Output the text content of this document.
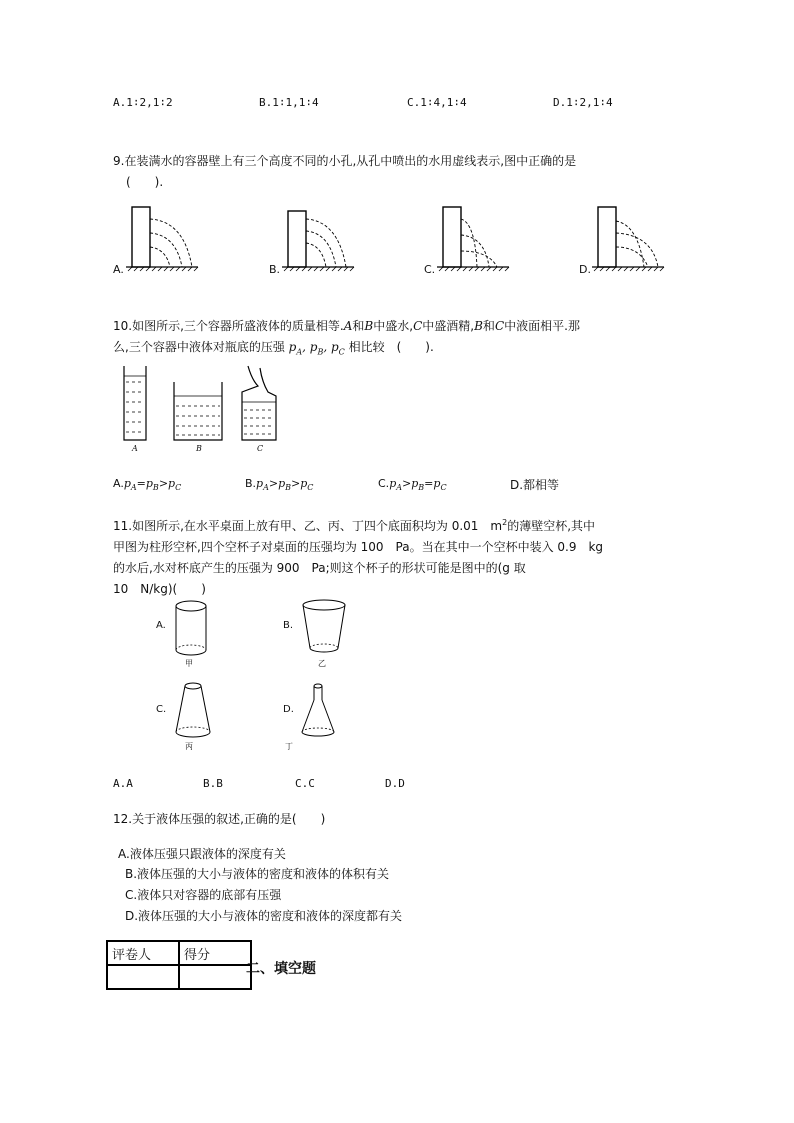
A.1∶2,1∶2	B.1∶1,1∶4	C.1∶4,1∶4	D.1∶2,1∶4
9.在装满水的容器壁上有三个高度不同的小孔,从孔中喷出的水用虚线表示,图中正确的是
(　　).
A.	B.	C.	D.
10.如图所示,三个容器所盛液体的质量相等.A和B中盛水,C中盛酒精,B和C中液面相平.那
么,三个容器中液体对瓶底的压强 $p_A$, $p_B$, $p_C$ 相比较　(　　).
A	B	C
$A.p_A=p_B>p_C$	$B.p_A>p_B>p_C$	$C.p_A>p_B=p_C$	D.都相等
11.如图所示,在水平桌面上放有甲、乙、丙、丁四个底面积均为 0.01　$m^2$的薄壁空杯,其中
甲图为柱形空杯,四个空杯子对桌面的压强均为 100　Pa。当在其中一个空杯中装入 0.9　kg
的水后,水对杯底产生的压强为 900　Pa;则这个杯子的形状可能是图中的(g 取
10　N/kg)(　　)
A.
甲
B.
乙
C.
丙
D.
丁
A.A	B.B	C.C	D.D
12.关于液体压强的叙述,正确的是(　　)
A.液体压强只跟液体的深度有关
B.液体压强的大小与液体的密度和液体的体积有关
C.液体只对容器的底部有压强
D.液体压强的大小与液体的密度和液体的深度都有关
评卷人	得分

二、填空题
